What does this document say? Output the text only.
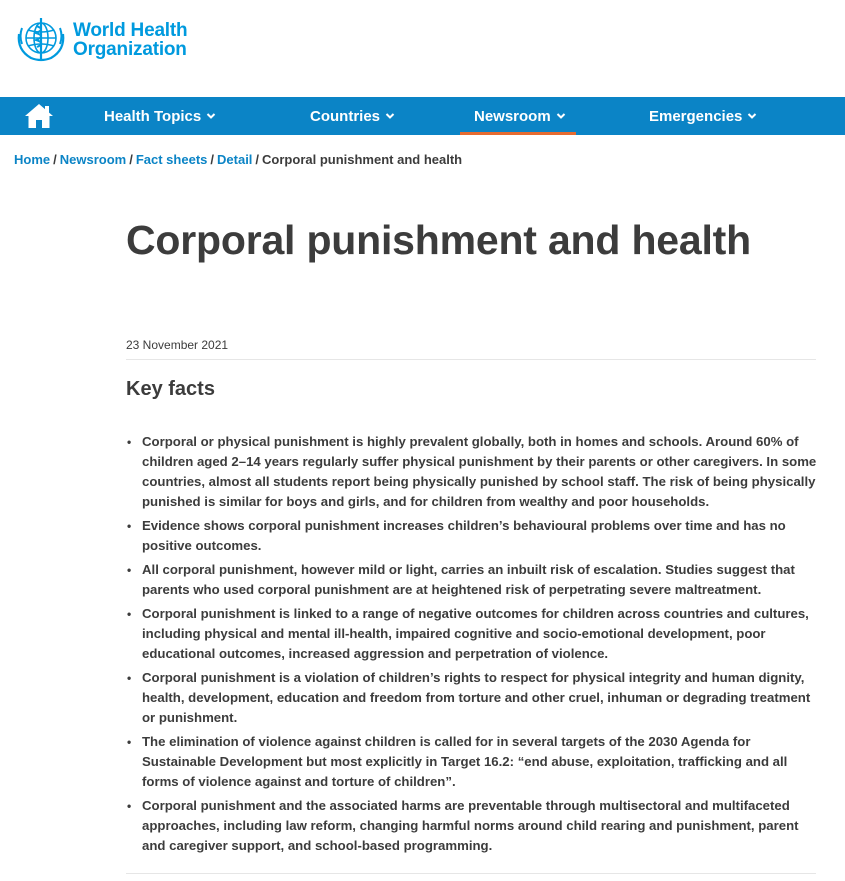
World Health
Organization
Health Topics	Countries	Newsroom	Emergencies
Home / Newsroom / Fact sheets / Detail / Corporal punishment and health
Corporal punishment and health
23 November 2021
Key facts
• Corporal or physical punishment is highly prevalent globally, both in homes and schools. Around 60% of children aged 2–14 years regularly suffer physical punishment by their parents or other caregivers. In some countries, almost all students report being physically punished by school staff. The risk of being physically punished is similar for boys and girls, and for children from wealthy and poor households.
• Evidence shows corporal punishment increases children’s behavioural problems over time and has no positive outcomes.
• All corporal punishment, however mild or light, carries an inbuilt risk of escalation. Studies suggest that parents who used corporal punishment are at heightened risk of perpetrating severe maltreatment.
• Corporal punishment is linked to a range of negative outcomes for children across countries and cultures, including physical and mental ill-health, impaired cognitive and socio-emotional development, poor educational outcomes, increased aggression and perpetration of violence.
• Corporal punishment is a violation of children’s rights to respect for physical integrity and human dignity, health, development, education and freedom from torture and other cruel, inhuman or degrading treatment or punishment.
• The elimination of violence against children is called for in several targets of the 2030 Agenda for Sustainable Development but most explicitly in Target 16.2: “end abuse, exploitation, trafficking and all forms of violence against and torture of children”.
• Corporal punishment and the associated harms are preventable through multisectoral and multifaceted approaches, including law reform, changing harmful norms around child rearing and punishment, parent and caregiver support, and school-based programming.
